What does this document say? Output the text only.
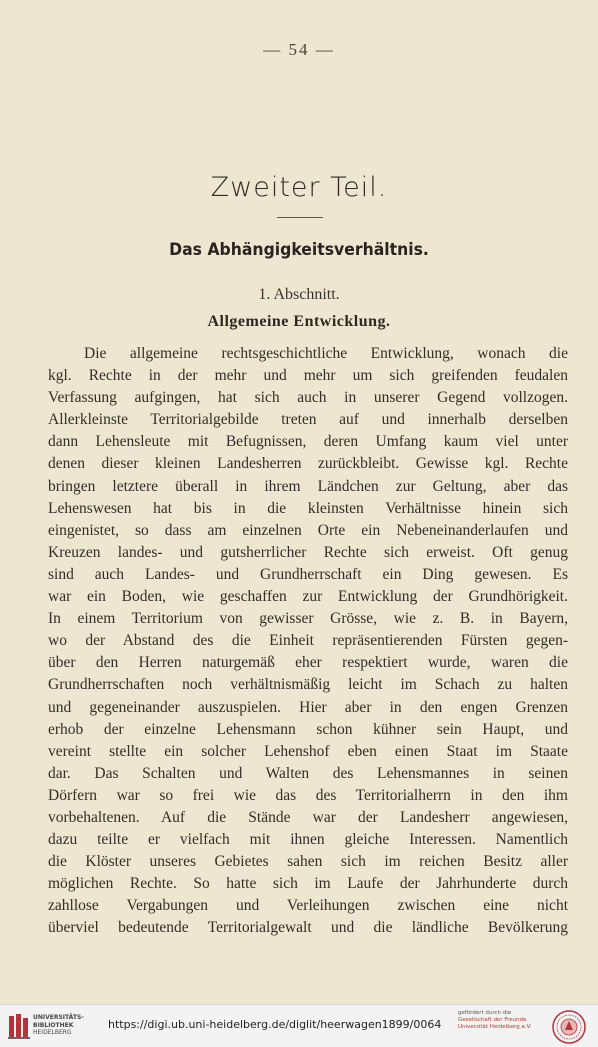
— 54 —
Zweiter Teil.
Das Abhängigkeitsverhältnis.
1. Abschnitt.
Allgemeine Entwicklung.
Die allgemeine rechtsgeschichtliche Entwicklung, wonach die
kgl. Rechte in der mehr und mehr um sich greifenden feudalen
Verfassung aufgingen, hat sich auch in unserer Gegend vollzogen.
Allerkleinste Territorialgebilde treten auf und innerhalb derselben
dann Lehensleute mit Befugnissen, deren Umfang kaum viel unter
denen dieser kleinen Landesherren zurückbleibt. Gewisse kgl. Rechte
bringen letztere überall in ihrem Ländchen zur Geltung, aber das
Lehenswesen hat bis in die kleinsten Verhältnisse hinein sich
eingenistet, so dass am einzelnen Orte ein Nebeneinanderlaufen und
Kreuzen landes- und gutsherrlicher Rechte sich erweist. Oft genug
sind auch Landes- und Grundherrschaft ein Ding gewesen. Es
war ein Boden, wie geschaffen zur Entwicklung der Grundhörigkeit.
In einem Territorium von gewisser Grösse, wie z. B. in Bayern,
wo der Abstand des die Einheit repräsentierenden Fürsten gegen-
über den Herren naturgemäß eher respektiert wurde, waren die
Grundherrschaften noch verhältnismäßig leicht im Schach zu halten
und gegeneinander auszuspielen. Hier aber in den engen Grenzen
erhob der einzelne Lehensmann schon kühner sein Haupt, und
vereint stellte ein solcher Lehenshof eben einen Staat im Staate
dar. Das Schalten und Walten des Lehensmannes in seinen
Dörfern war so frei wie das des Territorialherrn in den ihm
vorbehaltenen. Auf die Stände war der Landesherr angewiesen,
dazu teilte er vielfach mit ihnen gleiche Interessen. Namentlich
die Klöster unseres Gebietes sahen sich im reichen Besitz aller
möglichen Rechte. So hatte sich im Laufe der Jahrhunderte durch
zahllose Vergabungen und Verleihungen zwischen eine nicht
überviel bedeutende Territorialgewalt und die ländliche Bevölkerung
UNIVERSITÄTS-
BIBLIOTHEK
HEIDELBERG
https://digi.ub.uni-heidelberg.de/diglit/heerwagen1899/0064
gefördert durch die
Gesellschaft der Freunde
Universität Heidelberg e.V.
